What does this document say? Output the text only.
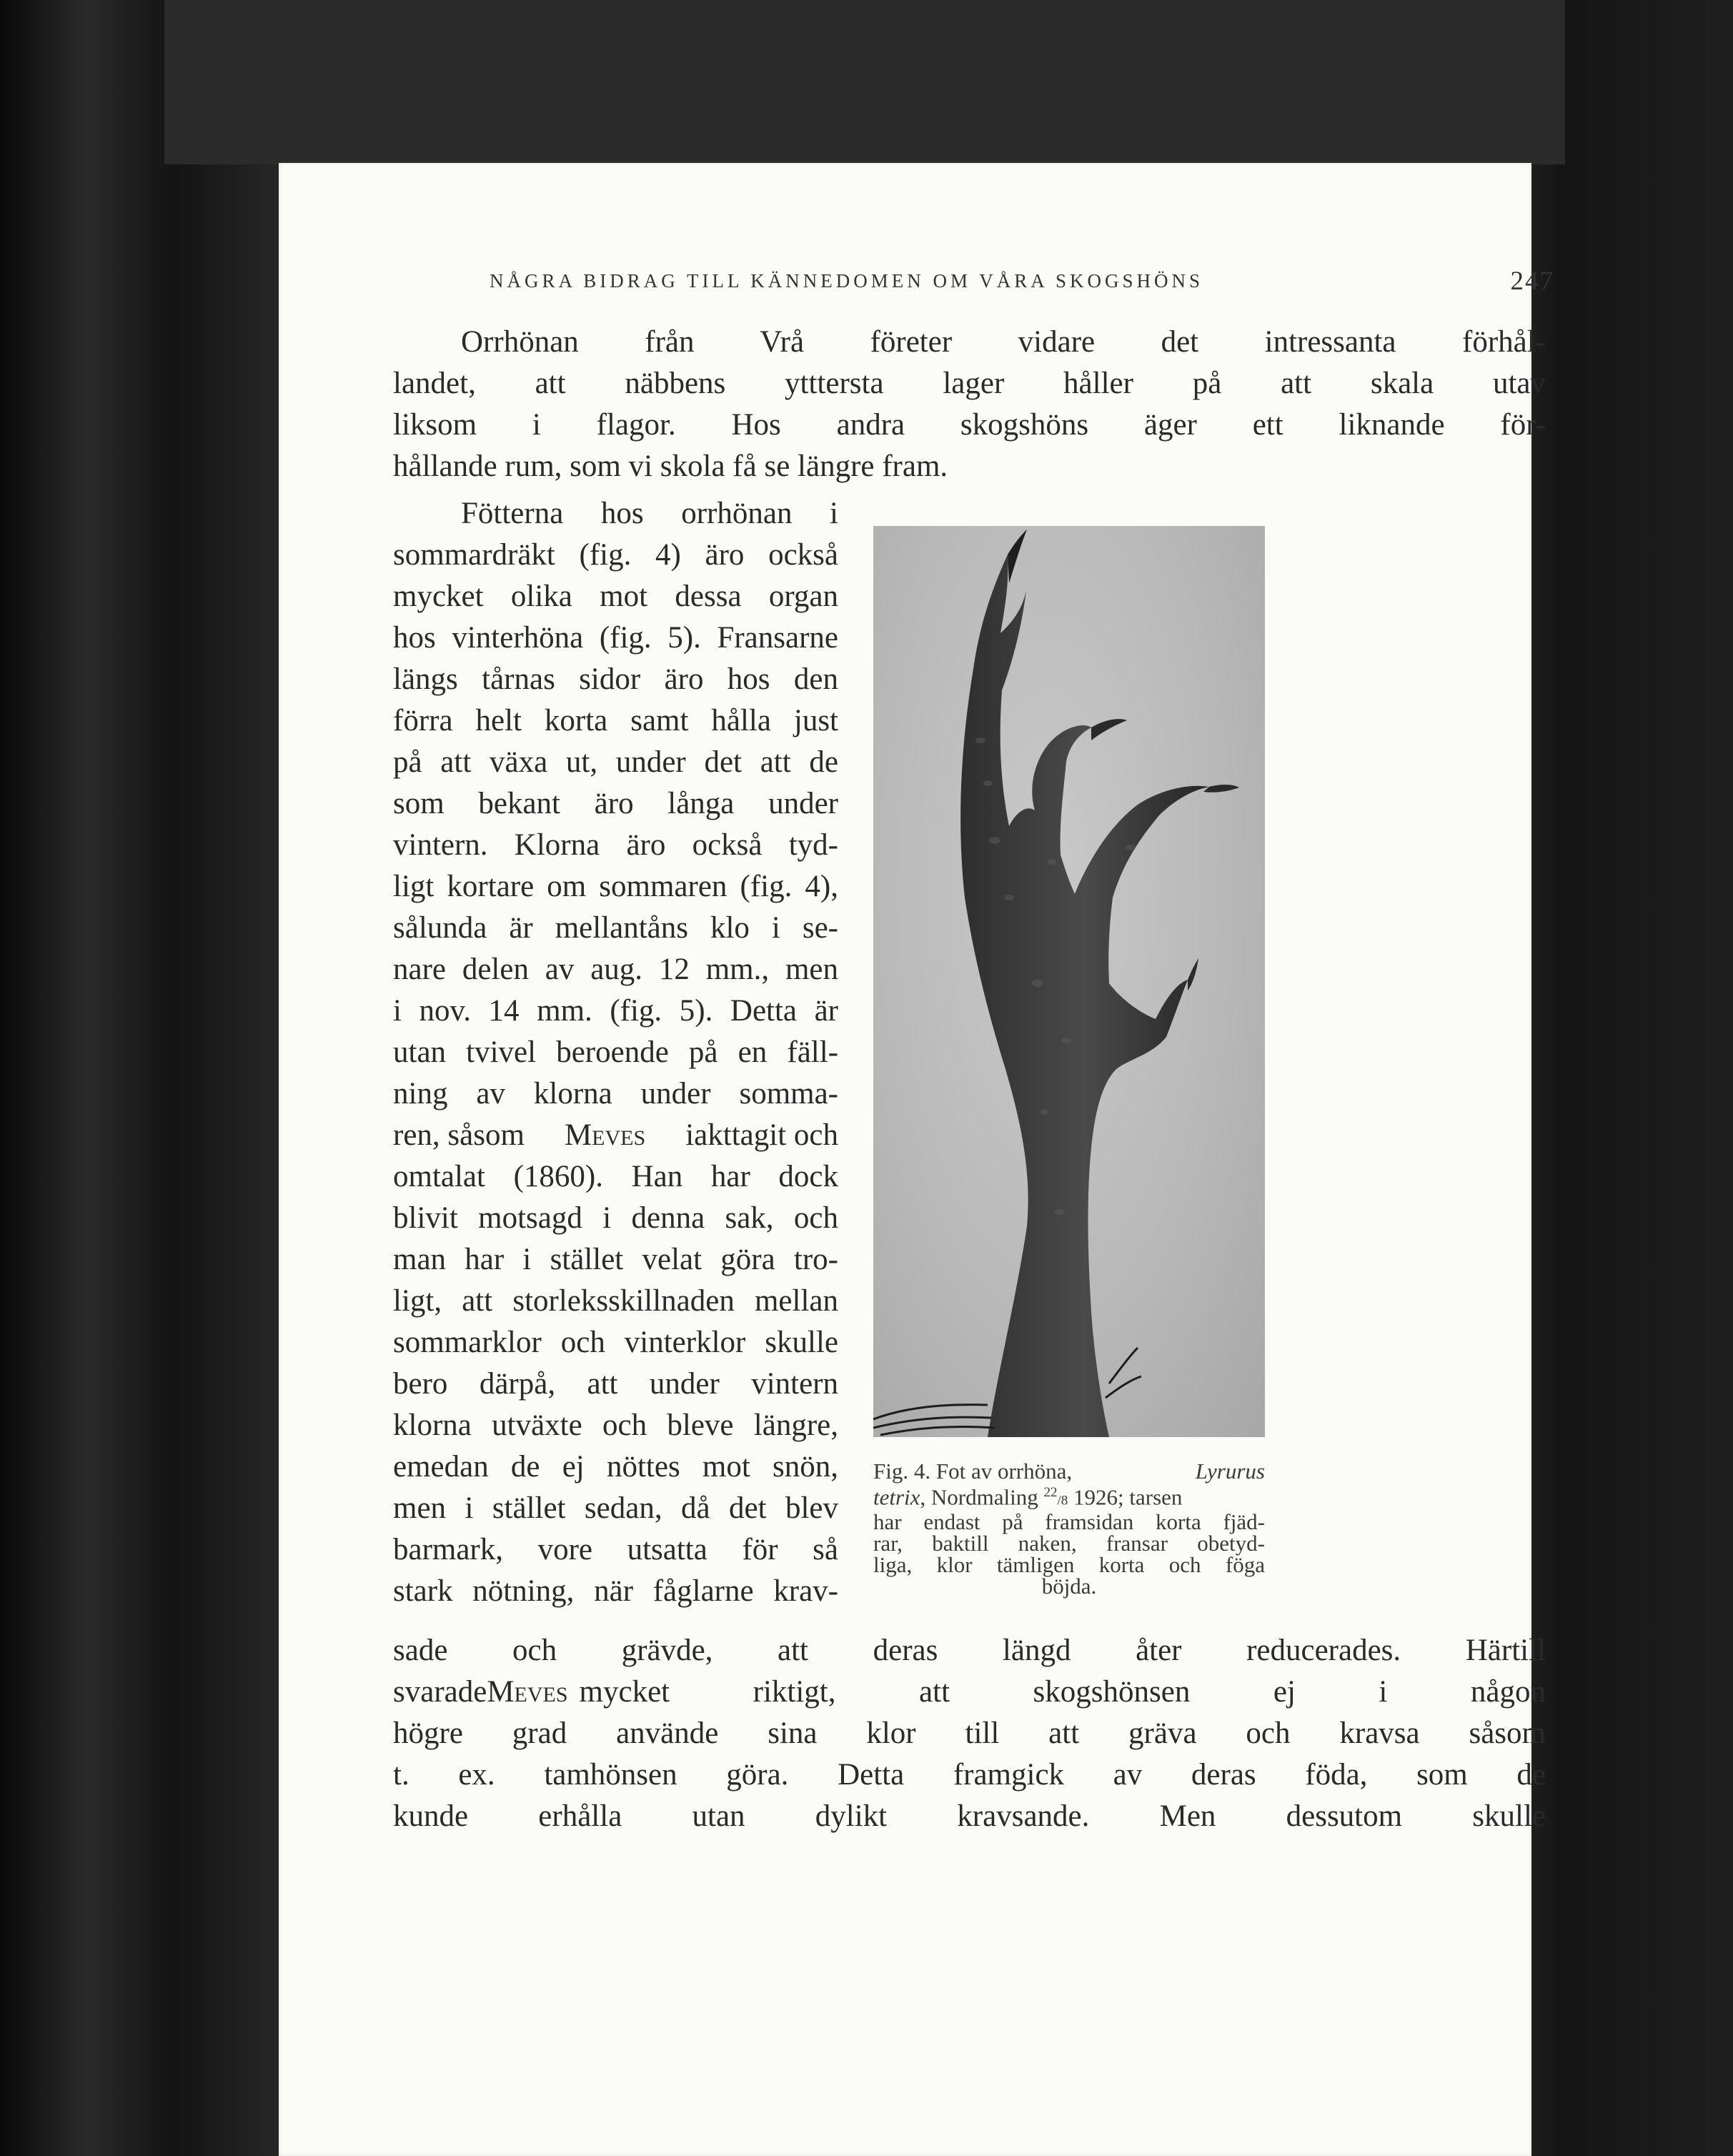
NÅGRA BIDRAG TILL KÄNNEDOMEN OM VÅRA SKOGSHÖNS	247
Orrhönan från Vrå företer vidare det intressanta förhål-
landet, att näbbens ytttersta lager håller på att skala utav
liksom i flagor. Hos andra skogshöns äger ett liknande för-
hållande rum, som vi skola få se längre fram.
Fötterna hos orrhönan i
sommardräkt (fig. 4) äro också
mycket olika mot dessa organ
hos vinterhöna (fig. 5). Fransarne
längs tårnas sidor äro hos den
förra helt korta samt hålla just
på att växa ut, under det att de
som bekant äro långa under
vintern. Klorna äro också tyd-
ligt kortare om sommaren (fig. 4),
sålunda är mellantåns klo i se-
nare delen av aug. 12 mm., men
i nov. 14 mm. (fig. 5). Detta är
utan tvivel beroende på en fäll-
ning av klorna under somma-
ren, såsom Meves iakttagit och
omtalat (1860). Han har dock
blivit motsagd i denna sak, och
man har i stället velat göra tro-
ligt, att storleksskillnaden mellan
sommarklor och vinterklor skulle
bero därpå, att under vintern
klorna utväxte och bleve längre,
emedan de ej nöttes mot snön,
men i stället sedan, då det blev
barmark, vore utsatta för så
stark nötning, när fåglarne krav-
Fig. 4. Fot av orrhöna,	Lyrurus
tetrix, Nordmaling $^{22}$/8 1926; tarsen
har endast på framsidan korta fjäd-
rar, baktill naken, fransar obetyd-
liga, klor tämligen korta och föga
böjda.
sade och grävde, att deras längd åter reducerades. Härtill
svarade Meves mycket riktigt, att skogshönsen ej i någon
högre grad använde sina klor till att gräva och kravsa såsom
t. ex. tamhönsen göra. Detta framgick av deras föda, som de
kunde erhålla utan dylikt kravsande. Men dessutom skulle
